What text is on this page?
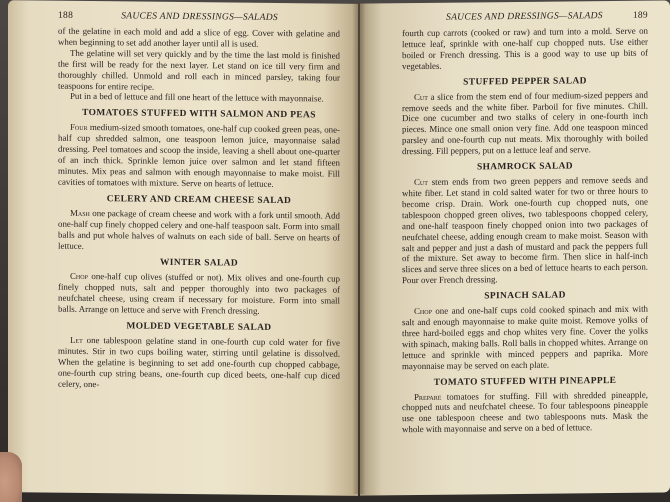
188	SAUCES AND DRESSINGS—SALADS

of the gelatine in each mold and add a slice of egg. Cover with gelatine and when beginning to set add another layer until all is used.

The gelatine will set very quickly and by the time the last mold is finished the first will be ready for the next layer. Let stand on ice till very firm and thoroughly chilled. Unmold and roll each in minced parsley, taking four teaspoons for entire recipe.

Put in a bed of lettuce and fill one heart of the lettuce with mayonnaise.

TOMATOES STUFFED WITH SALMON AND PEAS

Four medium-sized smooth tomatoes, one-half cup cooked green peas, one-half cup shredded salmon, one teaspoon lemon juice, mayonnaise salad dressing. Peel tomatoes and scoop the inside, leaving a shell about one-quarter of an inch thick. Sprinkle lemon juice over salmon and let stand fifteen minutes. Mix peas and salmon with enough mayonnaise to make moist. Fill cavities of tomatoes with mixture. Serve on hearts of lettuce.

CELERY AND CREAM CHEESE SALAD

Mash one package of cream cheese and work with a fork until smooth. Add one-half cup finely chopped celery and one-half teaspoon salt. Form into small balls and put whole halves of walnuts on each side of ball. Serve on hearts of lettuce.

WINTER SALAD

Chop one-half cup olives (stuffed or not). Mix olives and one-fourth cup finely chopped nuts, salt and pepper thoroughly into two packages of neufchatel cheese, using cream if necessary for moisture. Form into small balls. Arrange on lettuce and serve with French dressing.

MOLDED VEGETABLE SALAD

Let one tablespoon gelatine stand in one-fourth cup cold water for five minutes. Stir in two cups boiling water, stirring until gelatine is dissolved. When the gelatine is beginning to set add one-fourth cup chopped cabbage, one-fourth cup string beans, one-fourth cup diced beets, one-half cup diced celery, one-

SAUCES AND DRESSINGS—SALADS	189

fourth cup carrots (cooked or raw) and turn into a mold. Serve on lettuce leaf, sprinkle with one-half cup chopped nuts. Use either boiled or French dressing. This is a good way to use up bits of vegetables.

STUFFED PEPPER SALAD

Cut a slice from the stem end of four medium-sized peppers and remove seeds and the white fiber. Parboil for five minutes. Chill. Dice one cucumber and two stalks of celery in one-fourth inch pieces. Mince one small onion very fine. Add one teaspoon minced parsley and one-fourth cup nut meats. Mix thoroughly with boiled dressing. Fill peppers, put on a lettuce leaf and serve.

SHAMROCK SALAD

Cut stem ends from two green peppers and remove seeds and white fiber. Let stand in cold salted water for two or three hours to become crisp. Drain. Work one-fourth cup chopped nuts, one tablespoon chopped green olives, two tablespoons chopped celery, and one-half teaspoon finely chopped onion into two packages of neufchatel cheese, adding enough cream to make moist. Season with salt and pepper and just a dash of mustard and pack the peppers full of the mixture. Set away to become firm. Then slice in half-inch slices and serve three slices on a bed of lettuce hearts to each person. Pour over French dressing.

SPINACH SALAD

Chop one and one-half cups cold cooked spinach and mix with salt and enough mayonnaise to make quite moist. Remove yolks of three hard-boiled eggs and chop whites very fine. Cover the yolks with spinach, making balls. Roll balls in chopped whites. Arrange on lettuce and sprinkle with minced peppers and paprika. More mayonnaise may be served on each plate.

TOMATO STUFFED WITH PINEAPPLE

Prepare tomatoes for stuffing. Fill with shredded pineapple, chopped nuts and neufchatel cheese. To four tablespoons pineapple use one tablespoon cheese and two tablespoons nuts. Mask the whole with mayonnaise and serve on a bed of lettuce.
